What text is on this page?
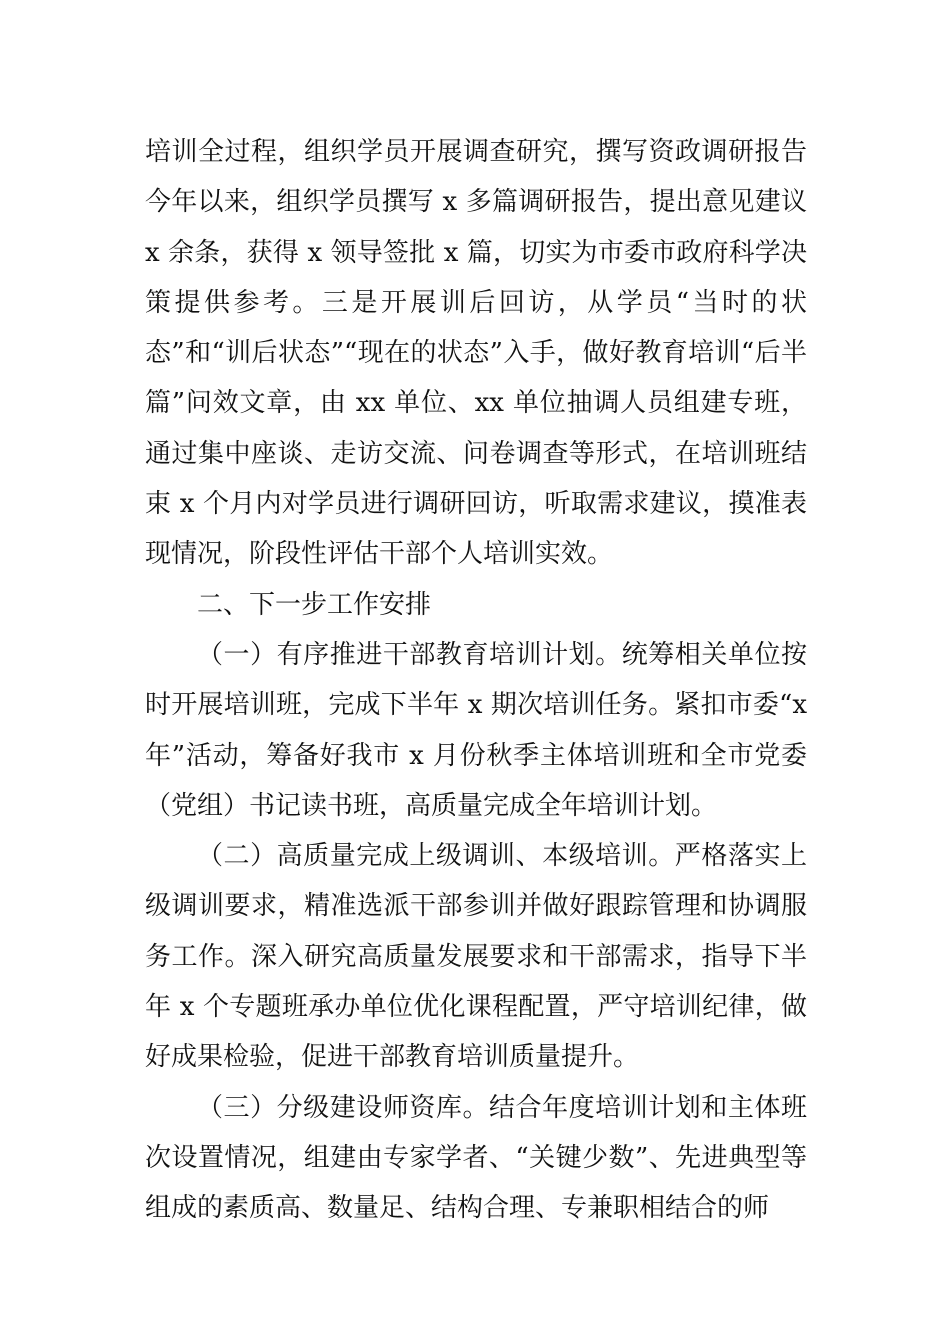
培训全过程，组织学员开展调查研究，撰写资政调研报告今年以来，组织学员撰写 x 多篇调研报告，提出意见建议 x 余条，获得 x 领导签批 x 篇，切实为市委市政府科学决策提供参考。三是开展训后回访，从学员“当时的状态”和“训后状态”“现在的状态”入手，做好教育培训“后半篇”问效文章，由 xx 单位、xx 单位抽调人员组建专班，通过集中座谈、走访交流、问卷调查等形式，在培训班结束 x 个月内对学员进行调研回访，听取需求建议，摸准表现情况，阶段性评估干部个人培训实效。

二、下一步工作安排

（一）有序推进干部教育培训计划。统筹相关单位按时开展培训班，完成下半年 x 期次培训任务。紧扣市委“x 年”活动，筹备好我市 x 月份秋季主体培训班和全市党委（党组）书记读书班，高质量完成全年培训计划。

（二）高质量完成上级调训、本级培训。严格落实上级调训要求，精准选派干部参训并做好跟踪管理和协调服务工作。深入研究高质量发展要求和干部需求，指导下半年 x 个专题班承办单位优化课程配置，严守培训纪律，做好成果检验，促进干部教育培训质量提升。

（三）分级建设师资库。结合年度培训计划和主体班次设置情况，组建由专家学者、“关键少数”、先进典型等组成的素质高、数量足、结构合理、专兼职相结合的师
